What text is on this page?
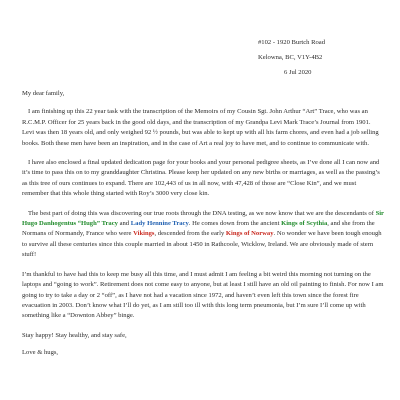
#102 - 1920 Burtch Road
Kelowna, BC, V1Y-4B2
6 Jul 2020

My dear family,

I am finishing up this 22 year task with the transcription of the Memoirs of my Cousin Sgt. John Arthur “Art” Trace, who was an R.C.M.P. Officer for 25 years back in the good old days, and the transcription of my Grandpa Levi Mark Trace’s Journal from 1901. Levi was then 18 years old, and only weighed 92 ½ pounds, but was able to kept up with all his farm chores, and even had a job selling books. Both these men have been an inspiration, and in the case of Art a real joy to have met, and to continue to communicate with.

I have also enclosed a final updated dedication page for your books and your personal pedigree sheets, as I’ve done all I can now and it’s time to pass this on to my granddaughter Christina. Please keep her updated on any new births or marriages, as well as the passing’s as this tree of ours continues to expand. There are 102,443 of us in all now, with 47,428 of those are “Close Kin”, and we must remember that this whole thing started with Roy’s 3000 very close kin.

The best part of doing this was discovering our true roots through the DNA testing, as we now know that we are the descendants of Sir Hugo Danhogentus “Hugh” Tracy and Lady Hennine Tracy. He comes down from the ancient Kings of Scythia, and she from the Normans of Normandy, France who were Vikings, descended from the early Kings of Norway. No wonder we have been tough enough to survive all these centuries since this couple married in about 1450 in Rathcoole, Wicklow, Ireland. We are obviously made of stern stuff!

I’m thankful to have had this to keep me busy all this time, and I must admit I am feeling a bit weird this morning not turning on the laptops and “going to work”. Retirement does not come easy to anyone, but at least I still have an old oil painting to finish. For now I am going to try to take a day or 2 “off”, as I have not had a vacation since 1972, and haven’t even left this town since the forest fire evacuation in 2003. Don’t know what I’ll do yet, as I am still too ill with this long term pneumonia, but I’m sure I’ll come up with something like a “Downton Abbey” binge.

Stay happy! Stay healthy, and stay safe,

Love & hugs,
